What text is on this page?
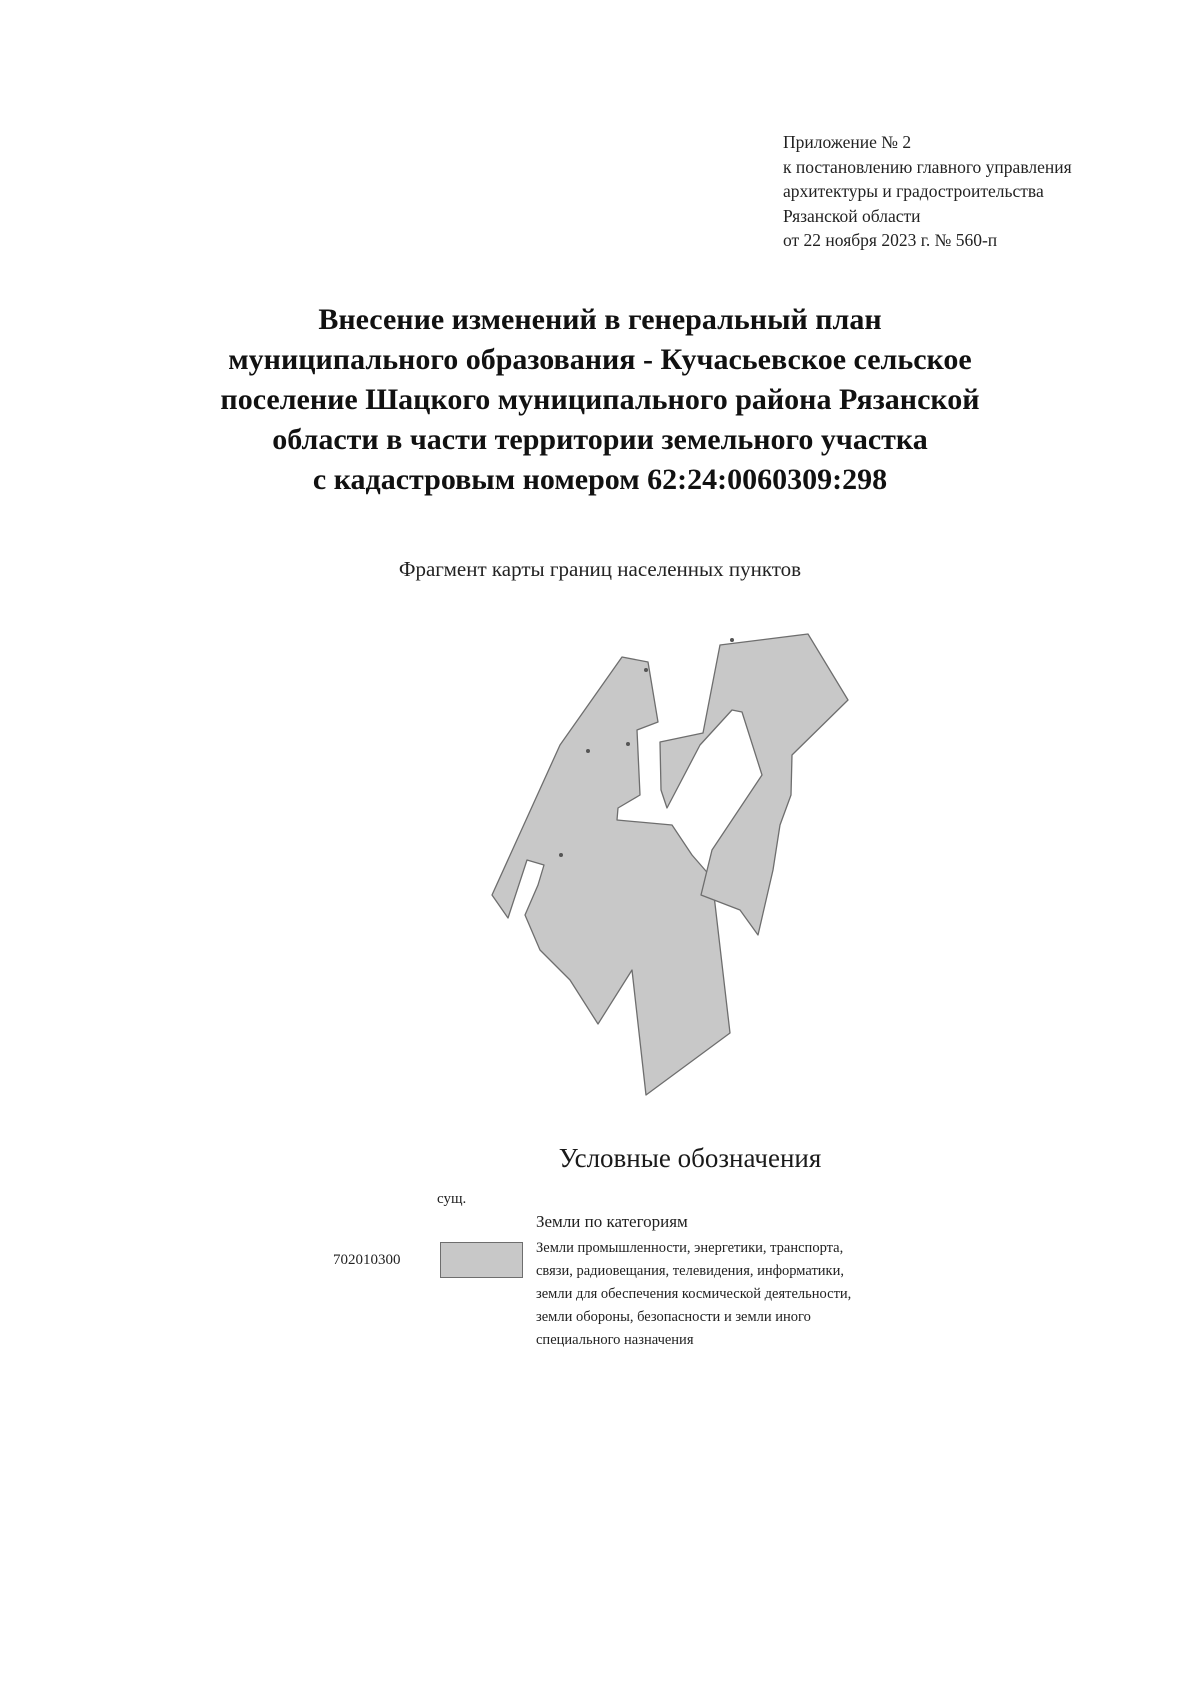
Приложение № 2
к постановлению главного управления
архитектуры и градостроительства
Рязанской области
от 22 ноября 2023 г. № 560-п
Внесение изменений в генеральный план
муниципального образования - Кучасьевское сельское
поселение Шацкого муниципального района Рязанской
области в части территории земельного участка
с кадастровым номером 62:24:0060309:298
Фрагмент карты границ населенных пунктов
Условные обозначения
сущ.
702010300
Земли по категориям
Земли промышленности, энергетики, транспорта,
связи, радиовещания, телевидения, информатики,
земли для обеспечения космической деятельности,
земли обороны, безопасности и земли иного
специального назначения
